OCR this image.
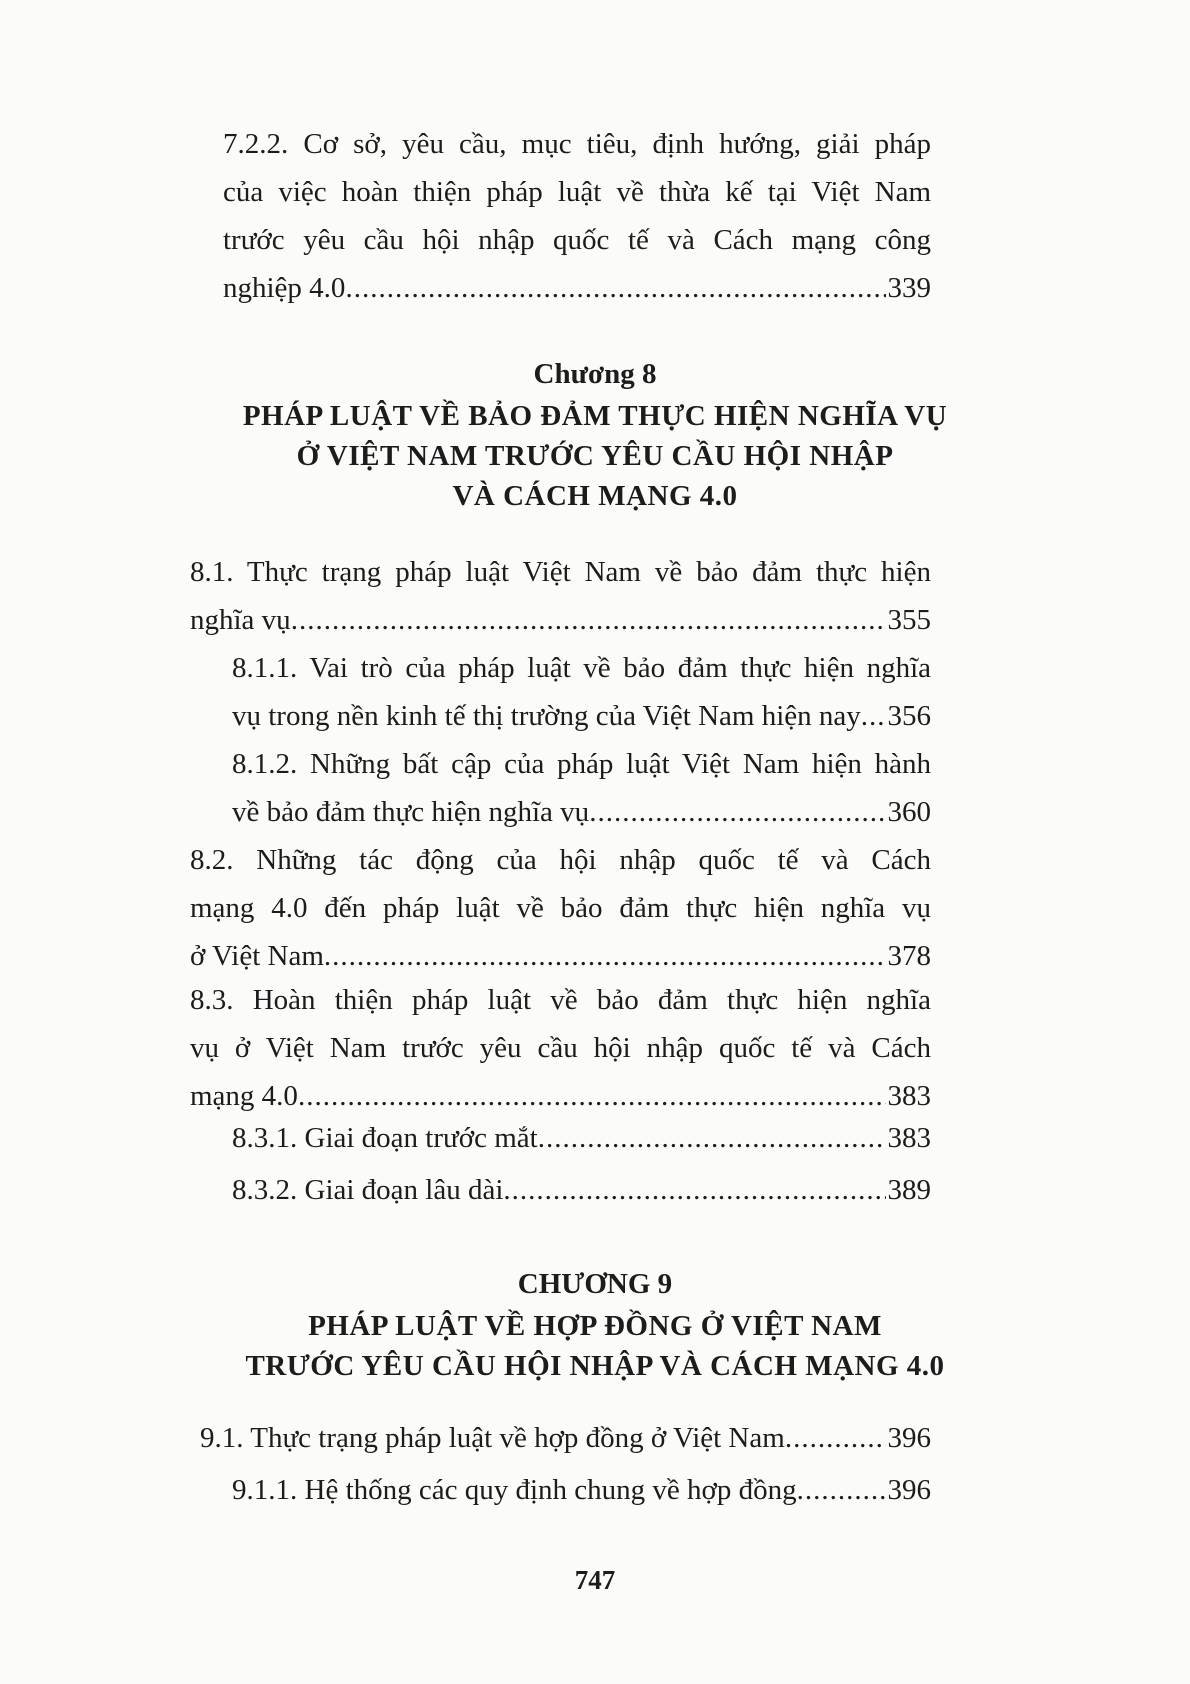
7.2.2. Cơ sở, yêu cầu, mục tiêu, định hướng, giải pháp
của việc hoàn thiện pháp luật về thừa kế tại Việt Nam
trước yêu cầu hội nhập quốc tế và Cách mạng công
nghiệp 4.0 .....	339
Chương 8
PHÁP LUẬT VỀ BẢO ĐẢM THỰC HIỆN NGHĨA VỤ
Ở VIỆT NAM TRƯỚC YÊU CẦU HỘI NHẬP
VÀ CÁCH MẠNG 4.0
8.1. Thực trạng pháp luật Việt Nam về bảo đảm thực hiện
nghĩa vụ .....	355
8.1.1. Vai trò của pháp luật về bảo đảm thực hiện nghĩa
vụ trong nền kinh tế thị trường của Việt Nam hiện nay ..... 356
8.1.2. Những bất cập của pháp luật Việt Nam hiện hành
về bảo đảm thực hiện nghĩa vụ .....	360
8.2. Những tác động của hội nhập quốc tế và Cách
mạng 4.0 đến pháp luật về bảo đảm thực hiện nghĩa vụ
ở Việt Nam .....	378
8.3. Hoàn thiện pháp luật về bảo đảm thực hiện nghĩa
vụ ở Việt Nam trước yêu cầu hội nhập quốc tế và Cách
mạng 4.0 .....	383
8.3.1. Giai đoạn trước mắt .....	383
8.3.2. Giai đoạn lâu dài .....	389
CHƯƠNG 9
PHÁP LUẬT VỀ HỢP ĐỒNG Ở VIỆT NAM
TRƯỚC YÊU CẦU HỘI NHẬP VÀ CÁCH MẠNG 4.0
9.1. Thực trạng pháp luật về hợp đồng ở Việt Nam .....	396
9.1.1. Hệ thống các quy định chung về hợp đồng .....	396
747
